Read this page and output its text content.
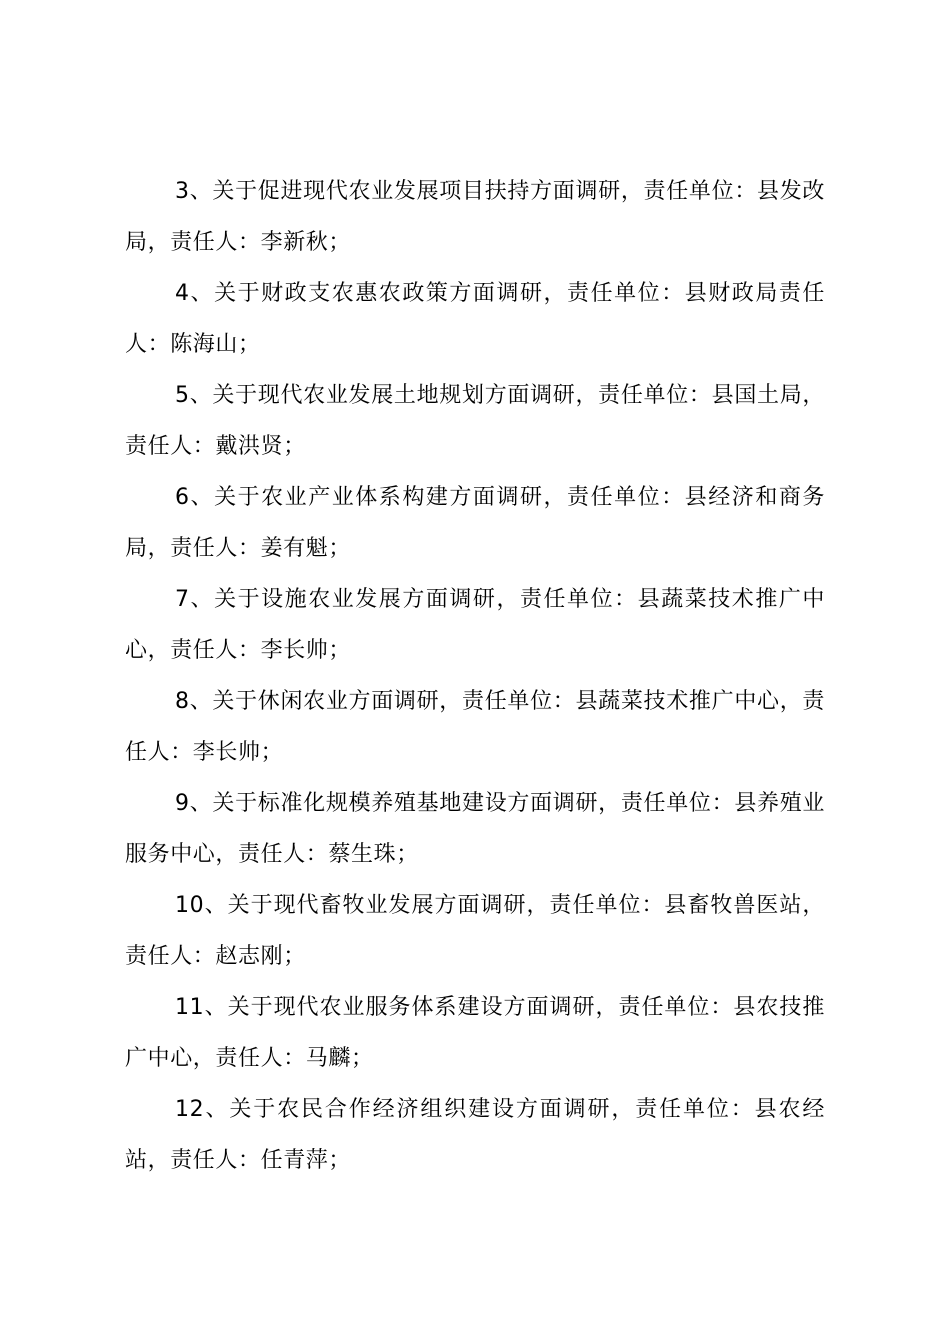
3、关于促进现代农业发展项目扶持方面调研，责任单位：县发改局，责任人：李新秋；

4、关于财政支农惠农政策方面调研，责任单位：县财政局责任人：陈海山；

5、关于现代农业发展土地规划方面调研，责任单位：县国土局，责任人：戴洪贤；

6、关于农业产业体系构建方面调研，责任单位：县经济和商务局，责任人：姜有魁；

7、关于设施农业发展方面调研，责任单位：县蔬菜技术推广中心，责任人：李长帅；

8、关于休闲农业方面调研，责任单位：县蔬菜技术推广中心，责任人：李长帅；

9、关于标准化规模养殖基地建设方面调研，责任单位：县养殖业服务中心，责任人：蔡生珠；

10、关于现代畜牧业发展方面调研，责任单位：县畜牧兽医站，责任人：赵志刚；

11、关于现代农业服务体系建设方面调研，责任单位：县农技推广中心，责任人：马麟；

12、关于农民合作经济组织建设方面调研，责任单位：县农经站，责任人：任青萍；
